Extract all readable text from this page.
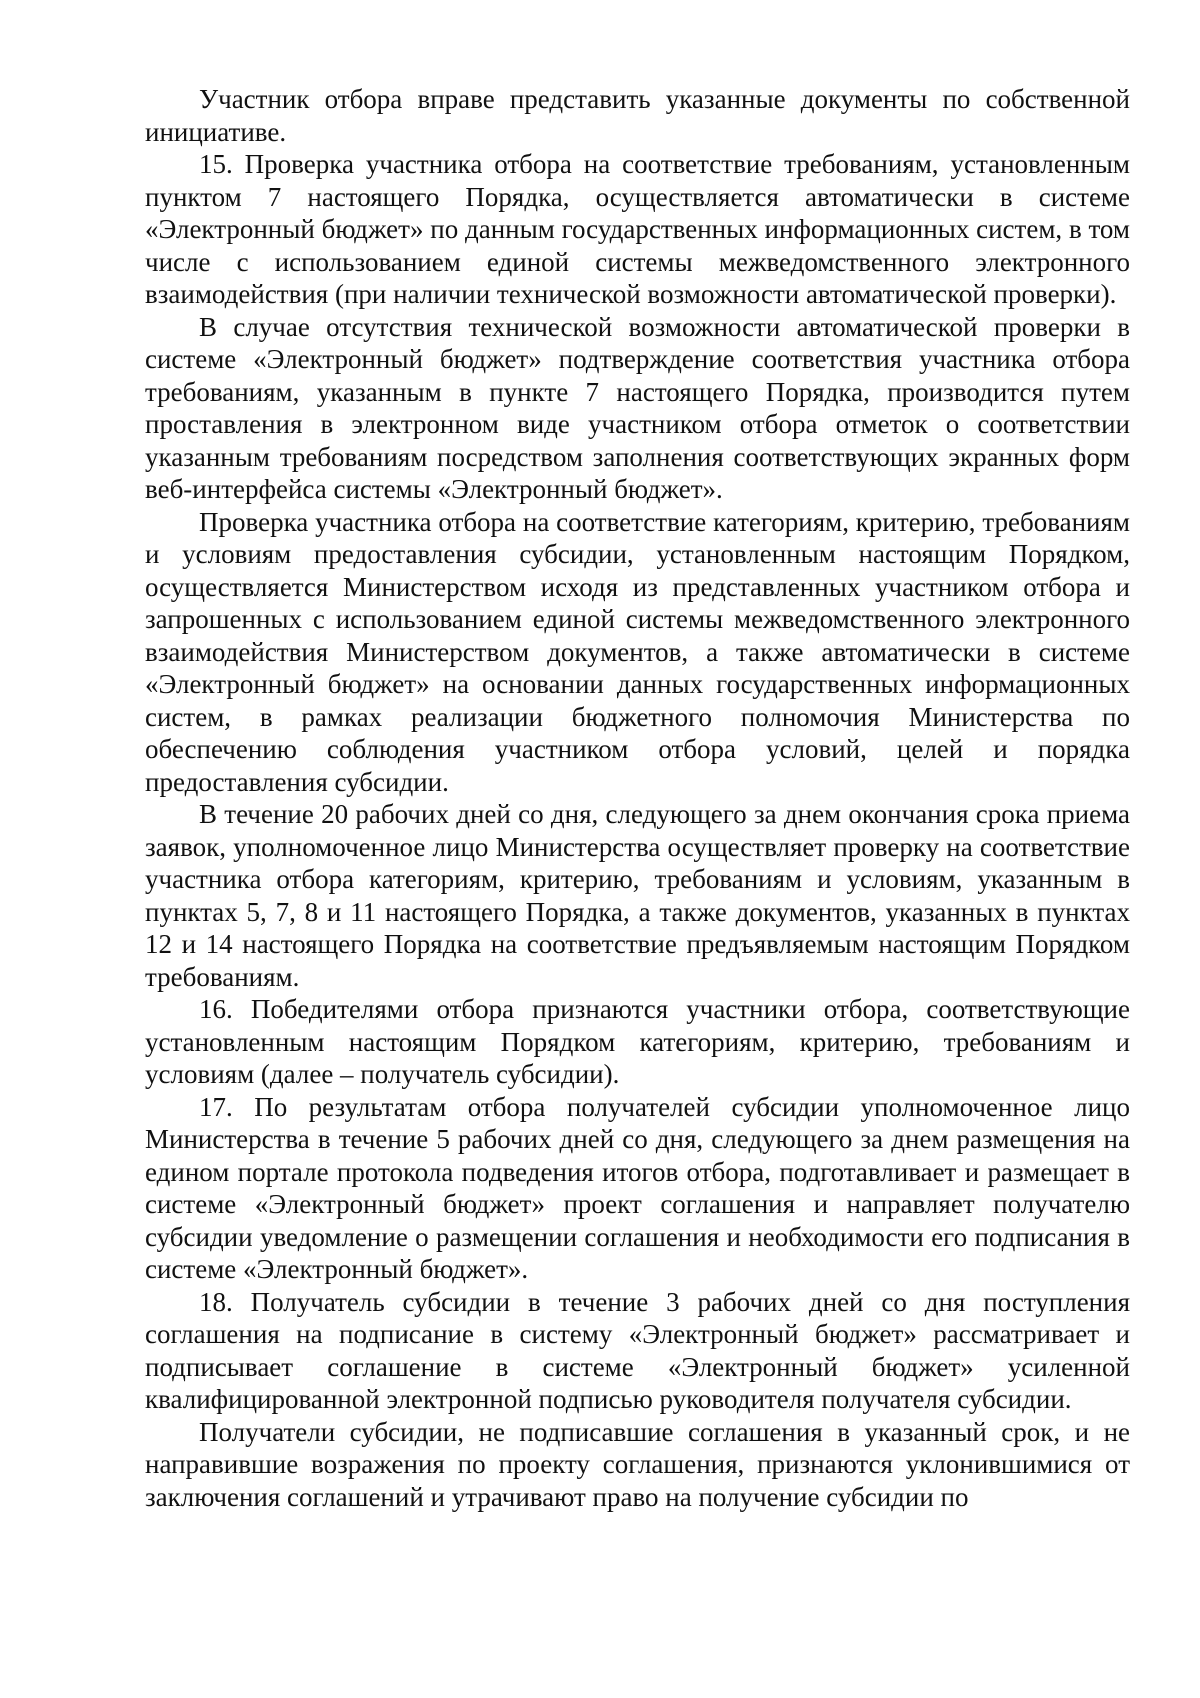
Участник отбора вправе представить указанные документы по собственной инициативе.

15. Проверка участника отбора на соответствие требованиям, установленным пунктом 7 настоящего Порядка, осуществляется автоматически в системе «Электронный бюджет» по данным государственных информационных систем, в том числе с использованием единой системы межведомственного электронного взаимодействия (при наличии технической возможности автоматической проверки).

В случае отсутствия технической возможности автоматической проверки в системе «Электронный бюджет» подтверждение соответствия участника отбора требованиям, указанным в пункте 7 настоящего Порядка, производится путем проставления в электронном виде участником отбора отметок о соответствии указанным требованиям посредством заполнения соответствующих экранных форм веб-интерфейса системы «Электронный бюджет».

Проверка участника отбора на соответствие категориям, критерию, требованиям и условиям предоставления субсидии, установленным настоящим Порядком, осуществляется Министерством исходя из представленных участником отбора и запрошенных с использованием единой системы межведомственного электронного взаимодействия Министерством документов, а также автоматически в системе «Электронный бюджет» на основании данных государственных информационных систем, в рамках реализации бюджетного полномочия Министерства по обеспечению соблюдения участником отбора условий, целей и порядка предоставления субсидии.

В течение 20 рабочих дней со дня, следующего за днем окончания срока приема заявок, уполномоченное лицо Министерства осуществляет проверку на соответствие участника отбора категориям, критерию, требованиям и условиям, указанным в пунктах 5, 7, 8 и 11 настоящего Порядка, а также документов, указанных в пунктах 12 и 14 настоящего Порядка на соответствие предъявляемым настоящим Порядком требованиям.

16. Победителями отбора признаются участники отбора, соответствующие установленным настоящим Порядком категориям, критерию, требованиям и условиям (далее – получатель субсидии).

17. По результатам отбора получателей субсидии уполномоченное лицо Министерства в течение 5 рабочих дней со дня, следующего за днем размещения на едином портале протокола подведения итогов отбора, подготавливает и размещает в системе «Электронный бюджет» проект соглашения и направляет получателю субсидии уведомление о размещении соглашения и необходимости его подписания в системе «Электронный бюджет».

18. Получатель субсидии в течение 3 рабочих дней со дня поступления соглашения на подписание в систему «Электронный бюджет» рассматривает и подписывает соглашение в системе «Электронный бюджет» усиленной квалифицированной электронной подписью руководителя получателя субсидии.

Получатели субсидии, не подписавшие соглашения в указанный срок, и не направившие возражения по проекту соглашения, признаются уклонившимися от заключения соглашений и утрачивают право на получение субсидии по
